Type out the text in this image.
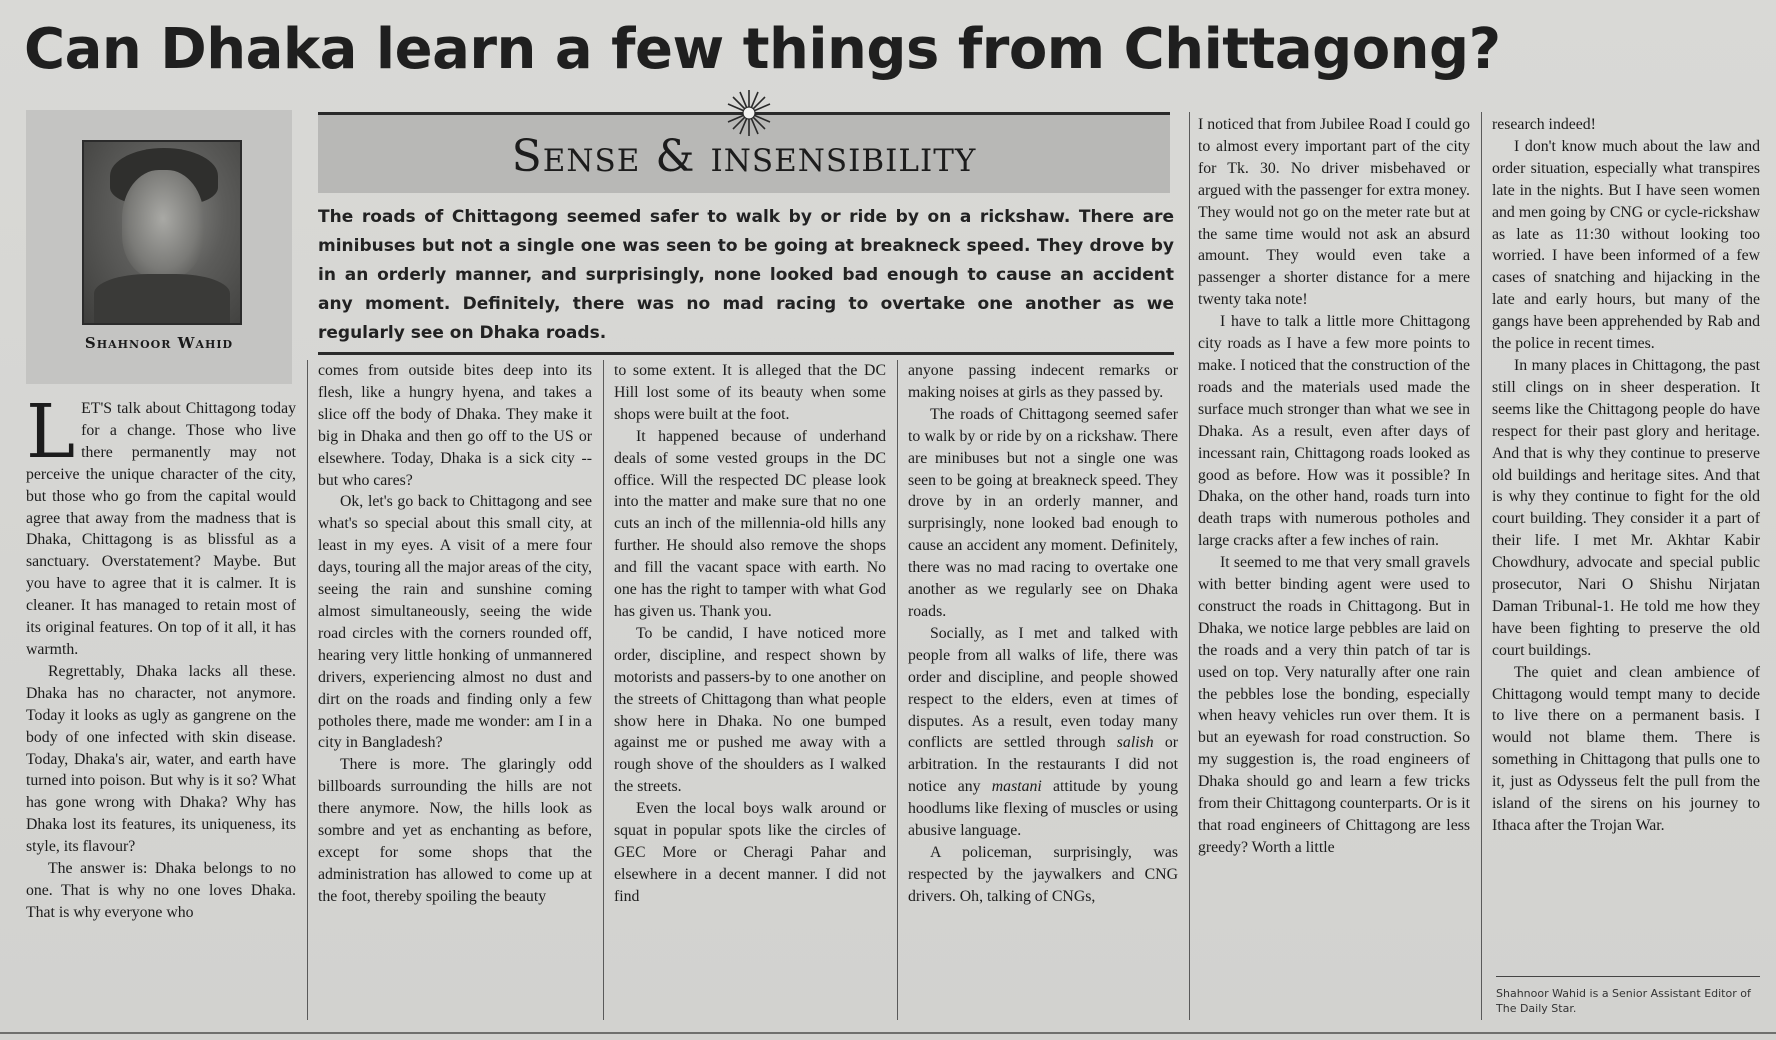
Can Dhaka learn a few things from Chittagong?
Shahnoor Wahid
Sense & insensibility

The roads of Chittagong seemed safer to walk by or ride by on a rickshaw. There are minibuses but not a single one was seen to be going at breakneck speed. They drove by in an orderly manner, and surprisingly, none looked bad enough to cause an accident any moment. Definitely, there was no mad racing to overtake one another as we regularly see on Dhaka roads.

LET'S talk about Chittagong today for a change. Those who live there permanently may not perceive the unique character of the city, but those who go from the capital would agree that away from the madness that is Dhaka, Chittagong is as blissful as a sanctuary. Overstatement? Maybe. But you have to agree that it is calmer. It is cleaner. It has managed to retain most of its original features. On top of it all, it has warmth.

Regrettably, Dhaka lacks all these. Dhaka has no character, not anymore. Today it looks as ugly as gangrene on the body of one infected with skin disease. Today, Dhaka's air, water, and earth have turned into poison. But why is it so? What has gone wrong with Dhaka? Why has Dhaka lost its features, its uniqueness, its style, its flavour?

The answer is: Dhaka belongs to no one. That is why no one loves Dhaka. That is why everyone who

comes from outside bites deep into its flesh, like a hungry hyena, and takes a slice off the body of Dhaka. They make it big in Dhaka and then go off to the US or elsewhere. Today, Dhaka is a sick city -- but who cares?

Ok, let's go back to Chittagong and see what's so special about this small city, at least in my eyes. A visit of a mere four days, touring all the major areas of the city, seeing the rain and sunshine coming almost simultaneously, seeing the wide road circles with the corners rounded off, hearing very little honking of unmannered drivers, experiencing almost no dust and dirt on the roads and finding only a few potholes there, made me wonder: am I in a city in Bangladesh?

There is more. The glaringly odd billboards surrounding the hills are not there anymore. Now, the hills look as sombre and yet as enchanting as before, except for some shops that the administration has allowed to come up at the foot, thereby spoiling the beauty

to some extent. It is alleged that the DC Hill lost some of its beauty when some shops were built at the foot.

It happened because of underhand deals of some vested groups in the DC office. Will the respected DC please look into the matter and make sure that no one cuts an inch of the millennia-old hills any further. He should also remove the shops and fill the vacant space with earth. No one has the right to tamper with what God has given us. Thank you.

To be candid, I have noticed more order, discipline, and respect shown by motorists and passers-by to one another on the streets of Chittagong than what people show here in Dhaka. No one bumped against me or pushed me away with a rough shove of the shoulders as I walked the streets.

Even the local boys walk around or squat in popular spots like the circles of GEC More or Cheragi Pahar and elsewhere in a decent manner. I did not find

anyone passing indecent remarks or making noises at girls as they passed by.

The roads of Chittagong seemed safer to walk by or ride by on a rickshaw. There are minibuses but not a single one was seen to be going at breakneck speed. They drove by in an orderly manner, and surprisingly, none looked bad enough to cause an accident any moment. Definitely, there was no mad racing to overtake one another as we regularly see on Dhaka roads.

Socially, as I met and talked with people from all walks of life, there was order and discipline, and people showed respect to the elders, even at times of disputes. As a result, even today many conflicts are settled through salish or arbitration. In the restaurants I did not notice any mastani attitude by young hoodlums like flexing of muscles or using abusive language.

A policeman, surprisingly, was respected by the jaywalkers and CNG drivers. Oh, talking of CNGs,

I noticed that from Jubilee Road I could go to almost every important part of the city for Tk. 30. No driver misbehaved or argued with the passenger for extra money. They would not go on the meter rate but at the same time would not ask an absurd amount. They would even take a passenger a shorter distance for a mere twenty taka note!

I have to talk a little more Chittagong city roads as I have a few more points to make. I noticed that the construction of the roads and the materials used made the surface much stronger than what we see in Dhaka. As a result, even after days of incessant rain, Chittagong roads looked as good as before. How was it possible? In Dhaka, on the other hand, roads turn into death traps with numerous potholes and large cracks after a few inches of rain.

It seemed to me that very small gravels with better binding agent were used to construct the roads in Chittagong. But in Dhaka, we notice large pebbles are laid on the roads and a very thin patch of tar is used on top. Very naturally after one rain the pebbles lose the bonding, especially when heavy vehicles run over them. It is but an eyewash for road construction. So my suggestion is, the road engineers of Dhaka should go and learn a few tricks from their Chittagong counterparts. Or is it that road engineers of Chittagong are less greedy? Worth a little

research indeed!

I don't know much about the law and order situation, especially what transpires late in the nights. But I have seen women and men going by CNG or cycle-rickshaw as late as 11:30 without looking too worried. I have been informed of a few cases of snatching and hijacking in the late and early hours, but many of the gangs have been apprehended by Rab and the police in recent times.

In many places in Chittagong, the past still clings on in sheer desperation. It seems like the Chittagong people do have respect for their past glory and heritage. And that is why they continue to preserve old buildings and heritage sites. And that is why they continue to fight for the old court building. They consider it a part of their life. I met Mr. Akhtar Kabir Chowdhury, advocate and special public prosecutor, Nari O Shishu Nirjatan Daman Tribunal-1. He told me how they have been fighting to preserve the old court buildings.

The quiet and clean ambience of Chittagong would tempt many to decide to live there on a permanent basis. I would not blame them. There is something in Chittagong that pulls one to it, just as Odysseus felt the pull from the island of the sirens on his journey to Ithaca after the Trojan War.

Shahnoor Wahid is a Senior Assistant Editor of The Daily Star.
